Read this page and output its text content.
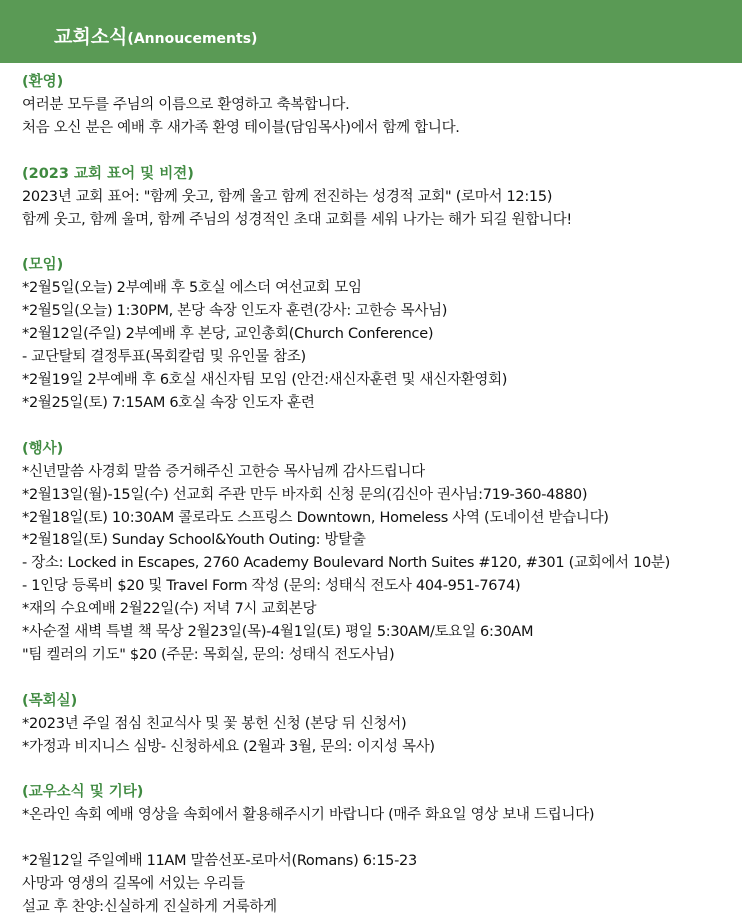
교회소식(Annoucements)
(환영)
여러분 모두를 주님의 이름으로 환영하고 축복합니다.
처음 오신 분은 예배 후 새가족 환영 테이블(담임목사)에서 함께 합니다.
(2023 교회 표어 및 비젼)
2023년 교회 표어: "함께 웃고, 함께 울고 함께 전진하는 성경적 교회" (로마서 12:15)
함께 웃고, 함께 울며, 함께 주님의 성경적인 초대 교회를 세워 나가는 해가 되길 원합니다!
(모임)
*2월5일(오늘) 2부예배 후 5호실 에스더 여선교회 모임
*2월5일(오늘) 1:30PM, 본당 속장 인도자 훈련(강사: 고한승 목사님)
*2월12일(주일) 2부예배 후 본당, 교인총회(Church Conference)
- 교단탈퇴 결정투표(목회칼럼 및 유인물 참조)
*2월19일 2부예배 후 6호실 새신자팀 모임 (안건:새신자훈련 및 새신자환영회)
*2월25일(토) 7:15AM 6호실 속장 인도자 훈련
(행사)
*신년말씀 사경회 말씀 증거해주신 고한승 목사님께 감사드립니다
*2월13일(월)-15일(수) 선교회 주관 만두 바자회 신청 문의(김신아 권사님:719-360-4880)
*2월18일(토) 10:30AM 콜로라도 스프링스 Downtown, Homeless 사역 (도네이션 받습니다)
*2월18일(토) Sunday School&Youth Outing: 방탈출
- 장소: Locked in Escapes, 2760 Academy Boulevard North Suites #120, #301 (교회에서 10분)
- 1인당 등록비 $20 및 Travel Form 작성 (문의: 성태식 전도사 404-951-7674)
*재의 수요예배 2월22일(수) 저녁 7시 교회본당
*사순절 새벽 특별 책 묵상 2월23일(목)-4월1일(토) 평일 5:30AM/토요일 6:30AM
"팀 켈러의 기도" $20 (주문: 목회실, 문의: 성태식 전도사님)
(목회실)
*2023년 주일 점심 친교식사 및 꽃 봉헌 신청 (본당 뒤 신청서)
*가정과 비지니스 심방- 신청하세요 (2월과 3월, 문의: 이지성 목사)
(교우소식 및 기타)
*온라인 속회 예배 영상을 속회에서 활용해주시기 바랍니다 (매주 화요일 영상 보내 드립니다)
*2월12일 주일예배 11AM 말씀선포-로마서(Romans) 6:15-23
사망과 영생의 길목에 서있는 우리들
설교 후 찬양:신실하게 진실하게 거룩하게
